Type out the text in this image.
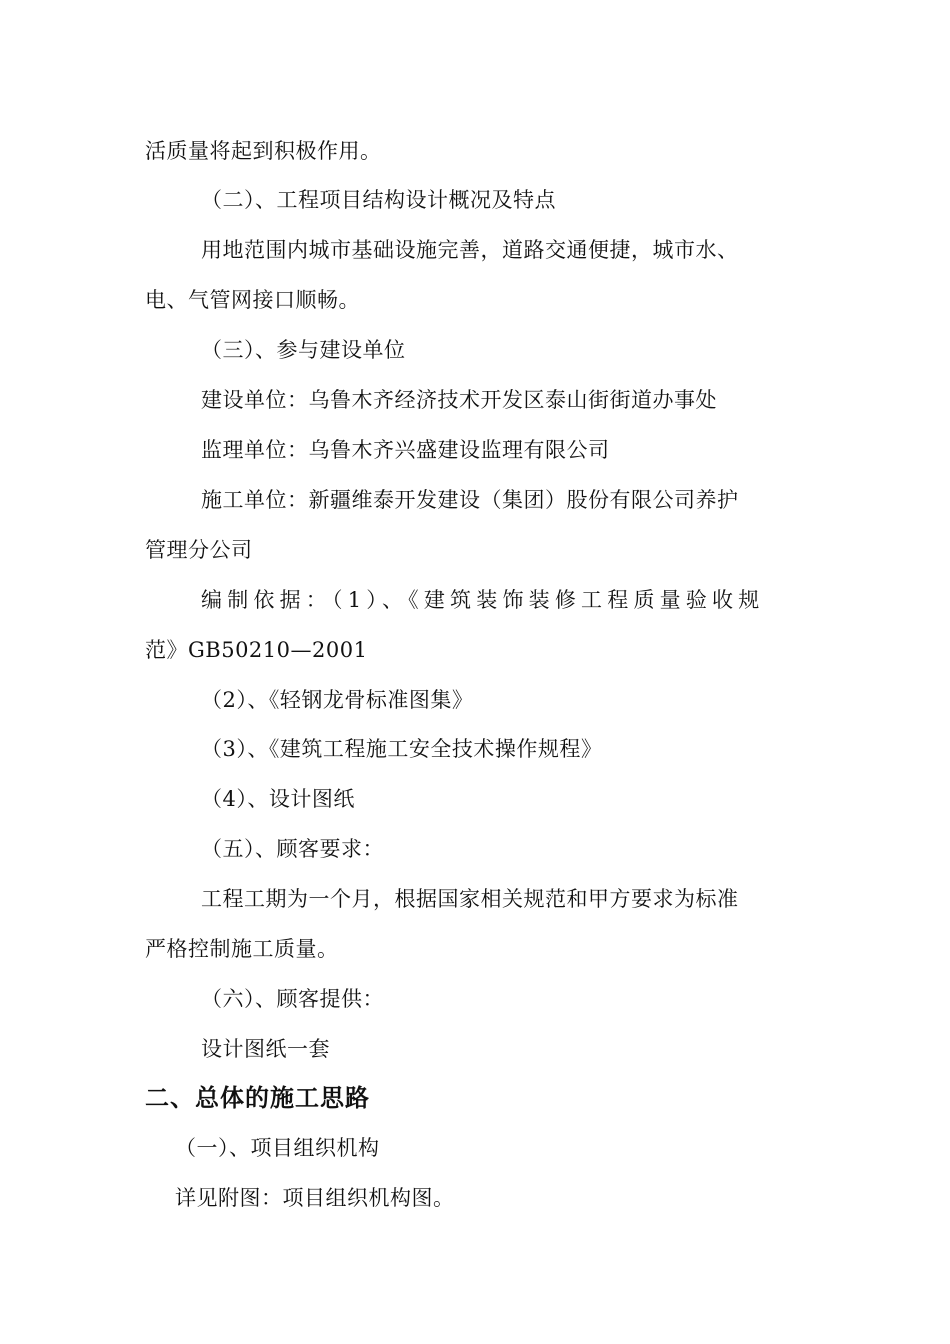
活质量将起到积极作用。
（二）、工程项目结构设计概况及特点
用地范围内城市基础设施完善，道路交通便捷，城市水、
电、气管网接口顺畅。
（三）、参与建设单位
建设单位：乌鲁木齐经济技术开发区泰山街街道办事处
监理单位：乌鲁木齐兴盛建设监理有限公司
施工单位：新疆维泰开发建设（集团）股份有限公司养护
管理分公司
编制依据：（1）、《建筑装饰装修工程质量验收规
范》GB50210—2001
（2）、《轻钢龙骨标准图集》
（3）、《建筑工程施工安全技术操作规程》
（4）、设计图纸
（五）、顾客要求：
工程工期为一个月，根据国家相关规范和甲方要求为标准
严格控制施工质量。
（六）、顾客提供：
设计图纸一套
二、总体的施工思路
（一）、项目组织机构
详见附图：项目组织机构图。
